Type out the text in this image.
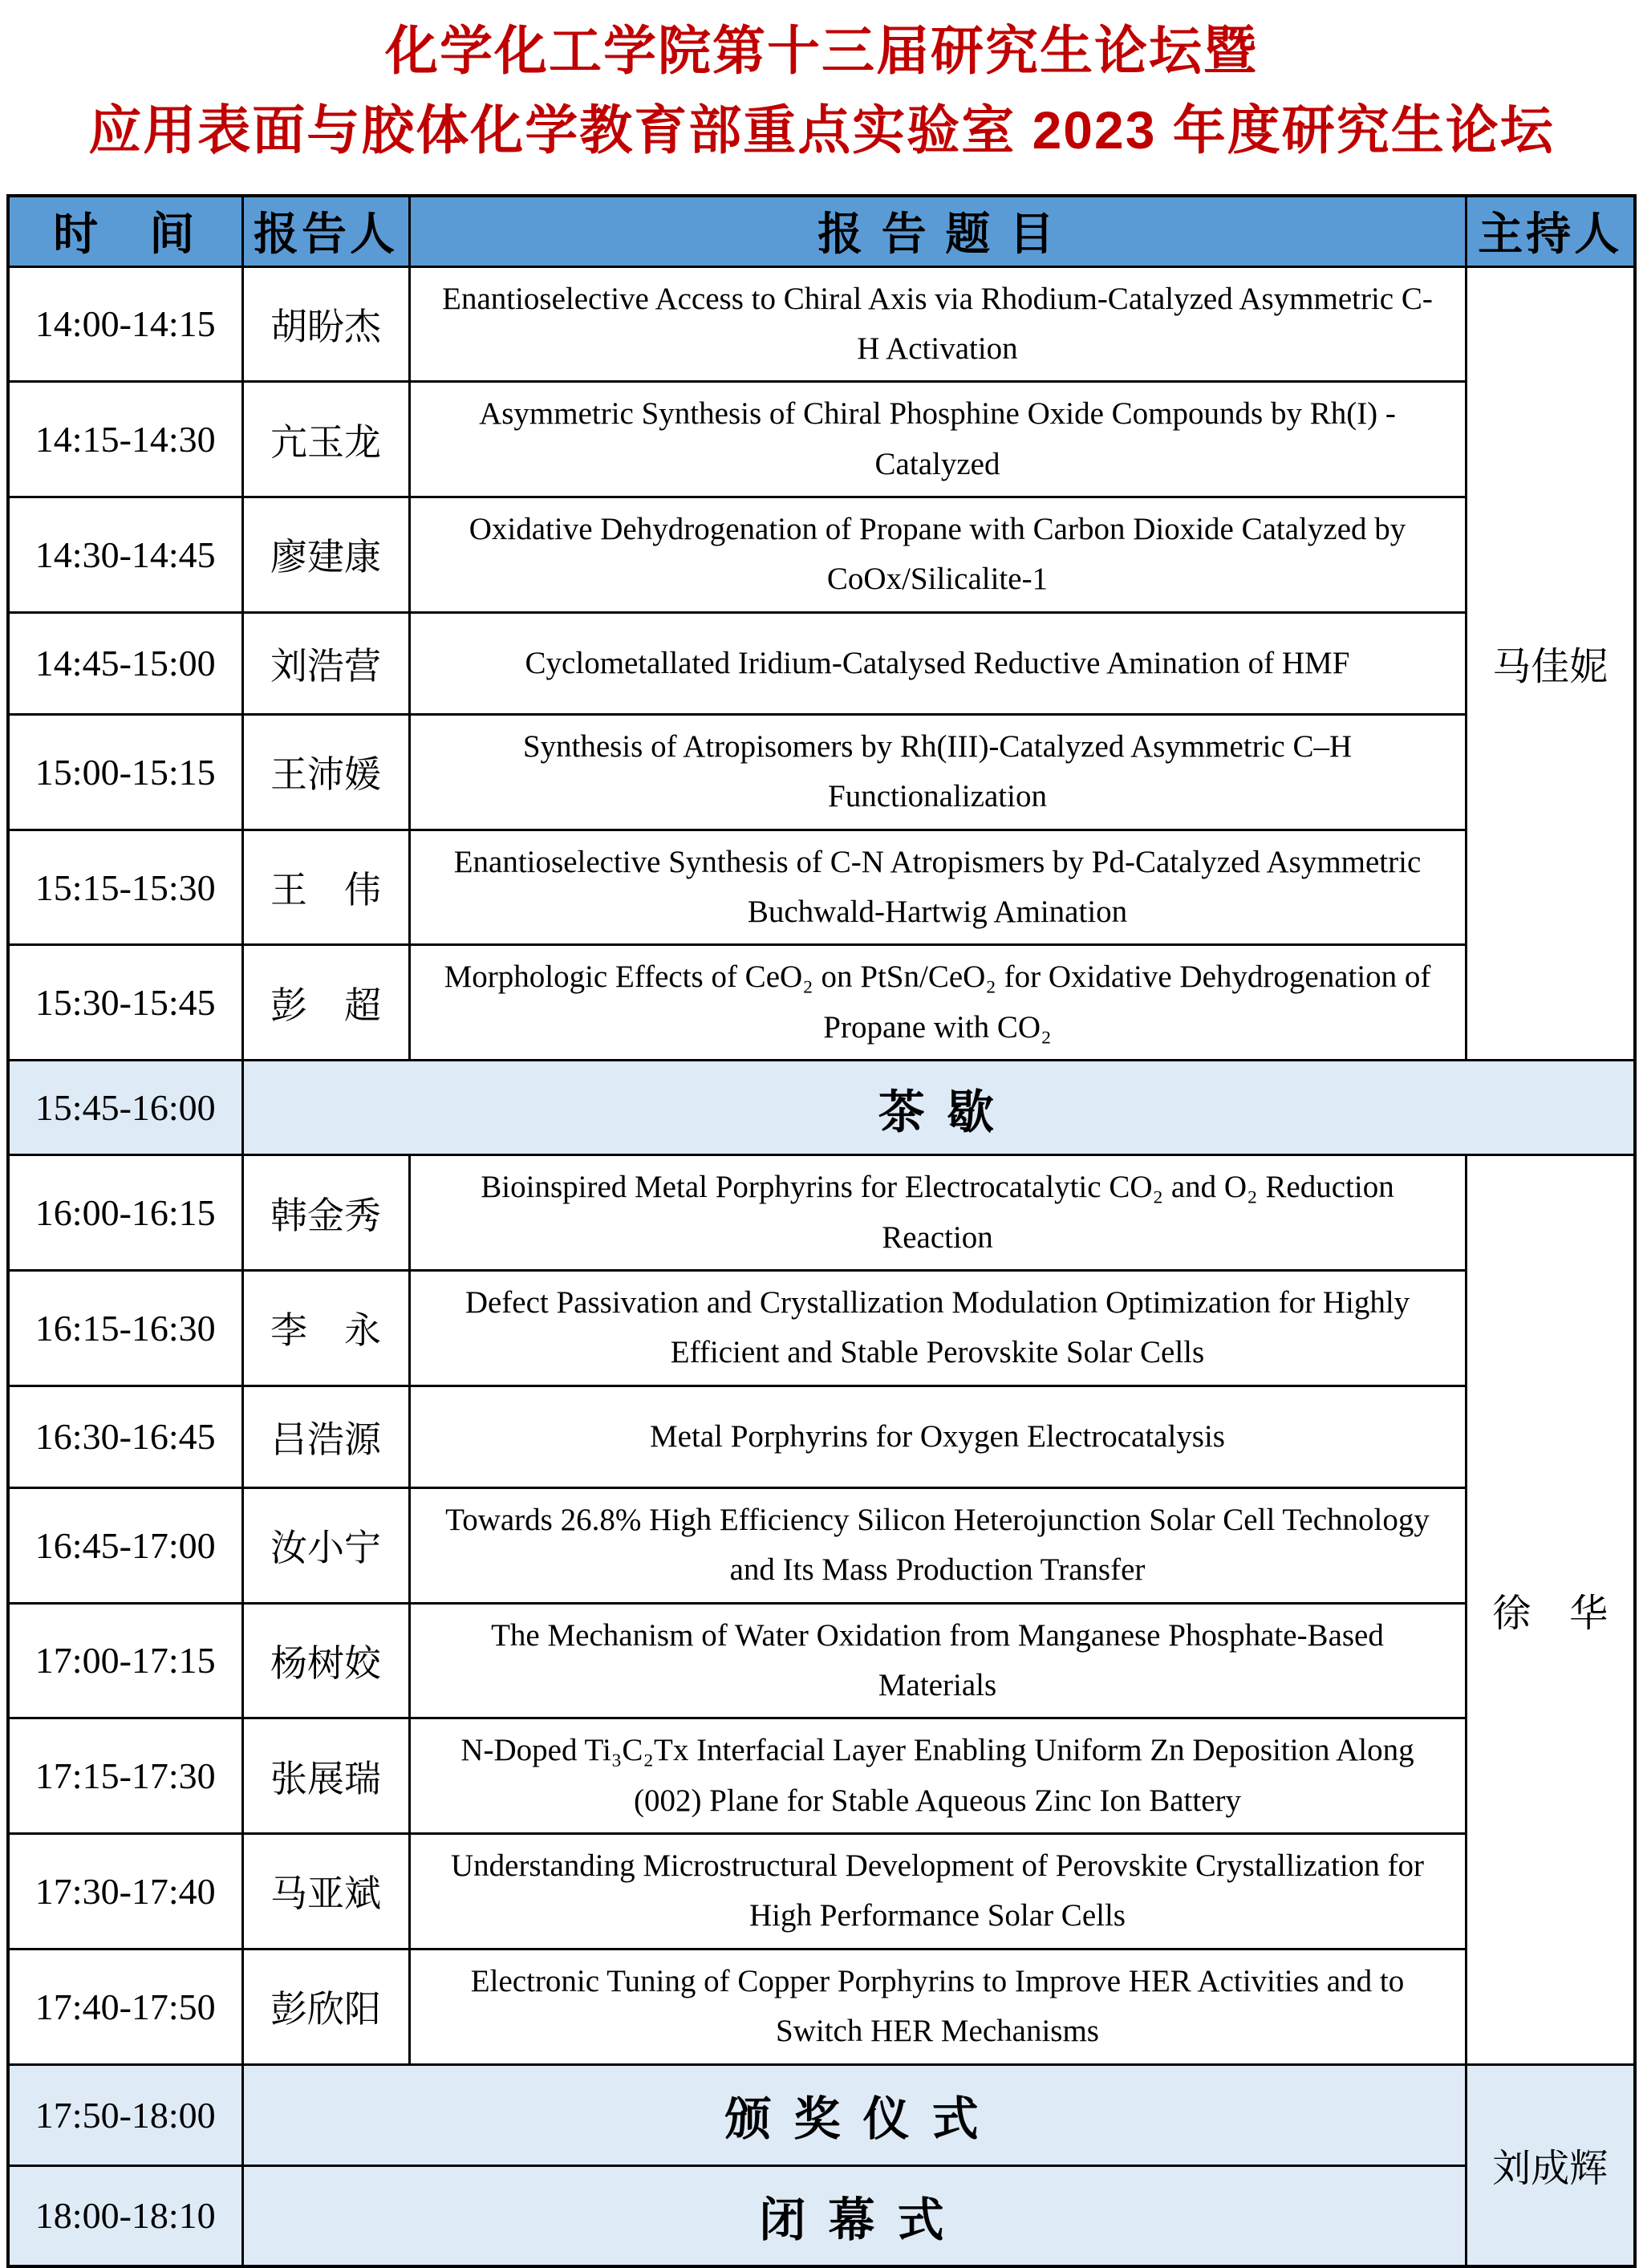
化学化工学院第十三届研究生论坛暨
应用表面与胶体化学教育部重点实验室 2023 年度研究生论坛
时　间	报告人	报 告 题 目	主持人
14:00-14:15	胡盼杰	Enantioselective Access to Chiral Axis via Rhodium-Catalyzed Asymmetric C-H Activation	马佳妮
14:15-14:30	亢玉龙	Asymmetric Synthesis of Chiral Phosphine Oxide Compounds by Rh(I) - Catalyzed	
14:30-14:45	廖建康	Oxidative Dehydrogenation of Propane with Carbon Dioxide Catalyzed by CoOx/Silicalite-1	
14:45-15:00	刘浩营	Cyclometallated Iridium-Catalysed Reductive Amination of HMF	
15:00-15:15	王沛媛	Synthesis of Atropisomers by Rh(III)-Catalyzed Asymmetric C–H Functionalization	
15:15-15:30	王　伟	Enantioselective Synthesis of C-N Atropismers by Pd-Catalyzed Asymmetric Buchwald-Hartwig Amination	
15:30-15:45	彭　超	Morphologic Effects of CeO₂ on PtSn/CeO₂ for Oxidative Dehydrogenation of Propane with CO₂	
15:45-16:00	茶 歇		
16:00-16:15	韩金秀	Bioinspired Metal Porphyrins for Electrocatalytic CO₂ and O₂ Reduction Reaction	徐　华
16:15-16:30	李　永	Defect Passivation and Crystallization Modulation Optimization for Highly Efficient and Stable Perovskite Solar Cells	
16:30-16:45	吕浩源	Metal Porphyrins for Oxygen Electrocatalysis	
16:45-17:00	汝小宁	Towards 26.8% High Efficiency Silicon Heterojunction Solar Cell Technology and Its Mass Production Transfer	
17:00-17:15	杨树姣	The Mechanism of Water Oxidation from Manganese Phosphate-Based Materials	
17:15-17:30	张展瑞	N-Doped Ti₃C₂Tx Interfacial Layer Enabling Uniform Zn Deposition Along (002) Plane for Stable Aqueous Zinc Ion Battery	
17:30-17:40	马亚斌	Understanding Microstructural Development of Perovskite Crystallization for High Performance Solar Cells	
17:40-17:50	彭欣阳	Electronic Tuning of Copper Porphyrins to Improve HER Activities and to Switch HER Mechanisms	
17:50-18:00	颁 奖 仪 式		刘成辉
18:00-18:10	闭 幕 式		
